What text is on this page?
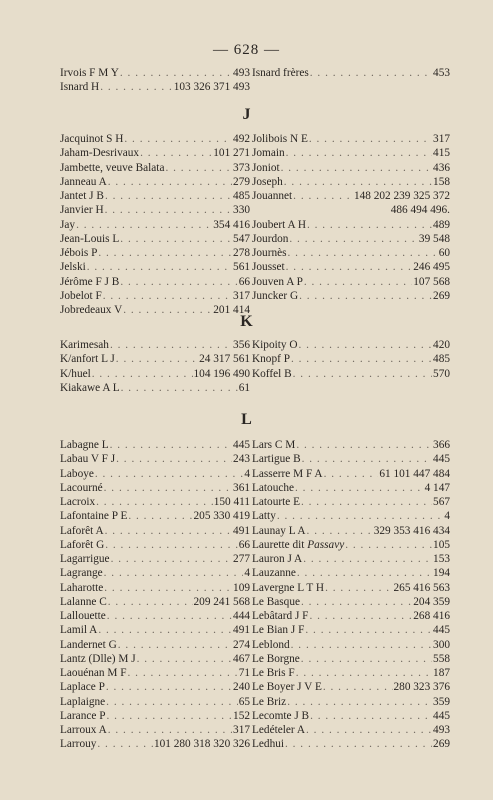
— 628 —
Irvois F M Y . . .	493
Isnard H . . .	103 326 371 493
Isnard frères . . .	453
J
Jacquinot S H . . .	492
Jaham-Desrivaux . . .	101 271
Jambette, veuve Balata . . .	373
Janneau A . . .	279
Jantet J B . . .	485
Janvier H . . .	330
Jay . . .	354 416
Jean-Louis L . . .	547
Jébois P . . .	278
Jelski . . .	561
Jérôme F J B . . .	66
Jobelot F . . .	317
Jobredeaux V . . .	201 414
Jolibois N E . . .	317
Jomain . . .	415
Joniot . . .	436
Joseph . . .	158
Jouannet . . .	148 202 239 325 372
486 494 496.
Joubert A H . . .	489
Jourdon . . .	39 548
Journès . . .	60
Jousset . . .	246 495
Jouven A P . . .	107 568
Juncker G . . .	269
K
Karimesah . . .	356
K/anfort L J . . .	24 317 561
K/huel . . .	104 196 490
Kiakawe A L . . .	61
Kipoity O . . .	420
Knopf P . . .	485
Koffel B . . .	570
L
Labagne L . . .	445
Labau V F J . . .	243
Laboye . . .	4
Lacourné . . .	361
Lacroix . . .	150 411
Lafontaine P E . . .	205 330 419
Laforêt A . . .	491
Laforêt G . . .	66
Lagarrigue . . .	277
Lagrange . . .	4
Laharotte . . .	109
Lalanne C . . .	209 241 568
Lallouette . . .	444
Lamil A . . .	491
Landernet G . . .	274
Lantz (Dlle) M J . . .	467
Laouénan M F . . .	71
Laplace P . . .	240
Laplaigne . . .	65
Larance P . . .	152
Larroux A . . .	317
Larrouy . . .	101 280 318 320 326
Lars C M . . .	366
Lartigue B . . .	445
Lasserre M F A . . .	61 101 447 484
Latouche . . .	4 147
Latourte E . . .	567
Latty . . .	4
Launay L A . . .	329 353 416 434
Laurette dit Passavy . . .	105
Lauron J A . . .	153
Lauzanne . . .	194
Lavergne L T H . . .	265 416 563
Le Basque . . .	204 359
Lebâtard J F . . .	268 416
Le Bian J F . . .	445
Leblond . . .	300
Le Borgne . . .	558
Le Bris F . . .	187
Le Boyer J V E . . .	280 323 376
Le Briz . . .	359
Lecomte J B . . .	445
Ledételer A . . .	493
Ledhui . . .	269
